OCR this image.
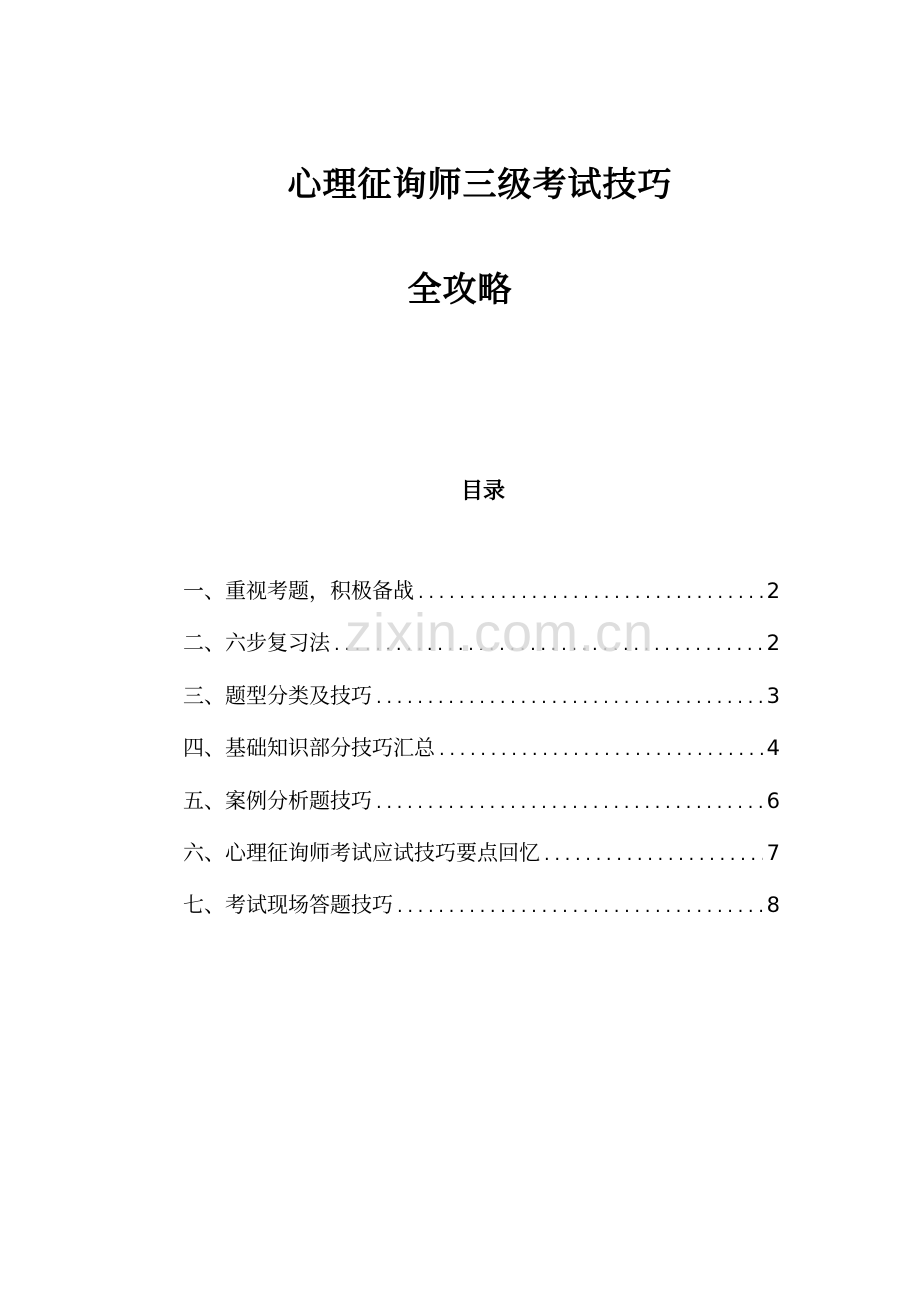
心理征询师三级考试技巧
全攻略
目录
一、重视考题，积极备战 .....	2
二、六步复习法 .....	2
三、题型分类及技巧 .....	3
四、基础知识部分技巧汇总 .....	4
五、案例分析题技巧 .....	6
六、心理征询师考试应试技巧要点回忆 .....	7
七、考试现场答题技巧 .....	8
zixin.com.cn
